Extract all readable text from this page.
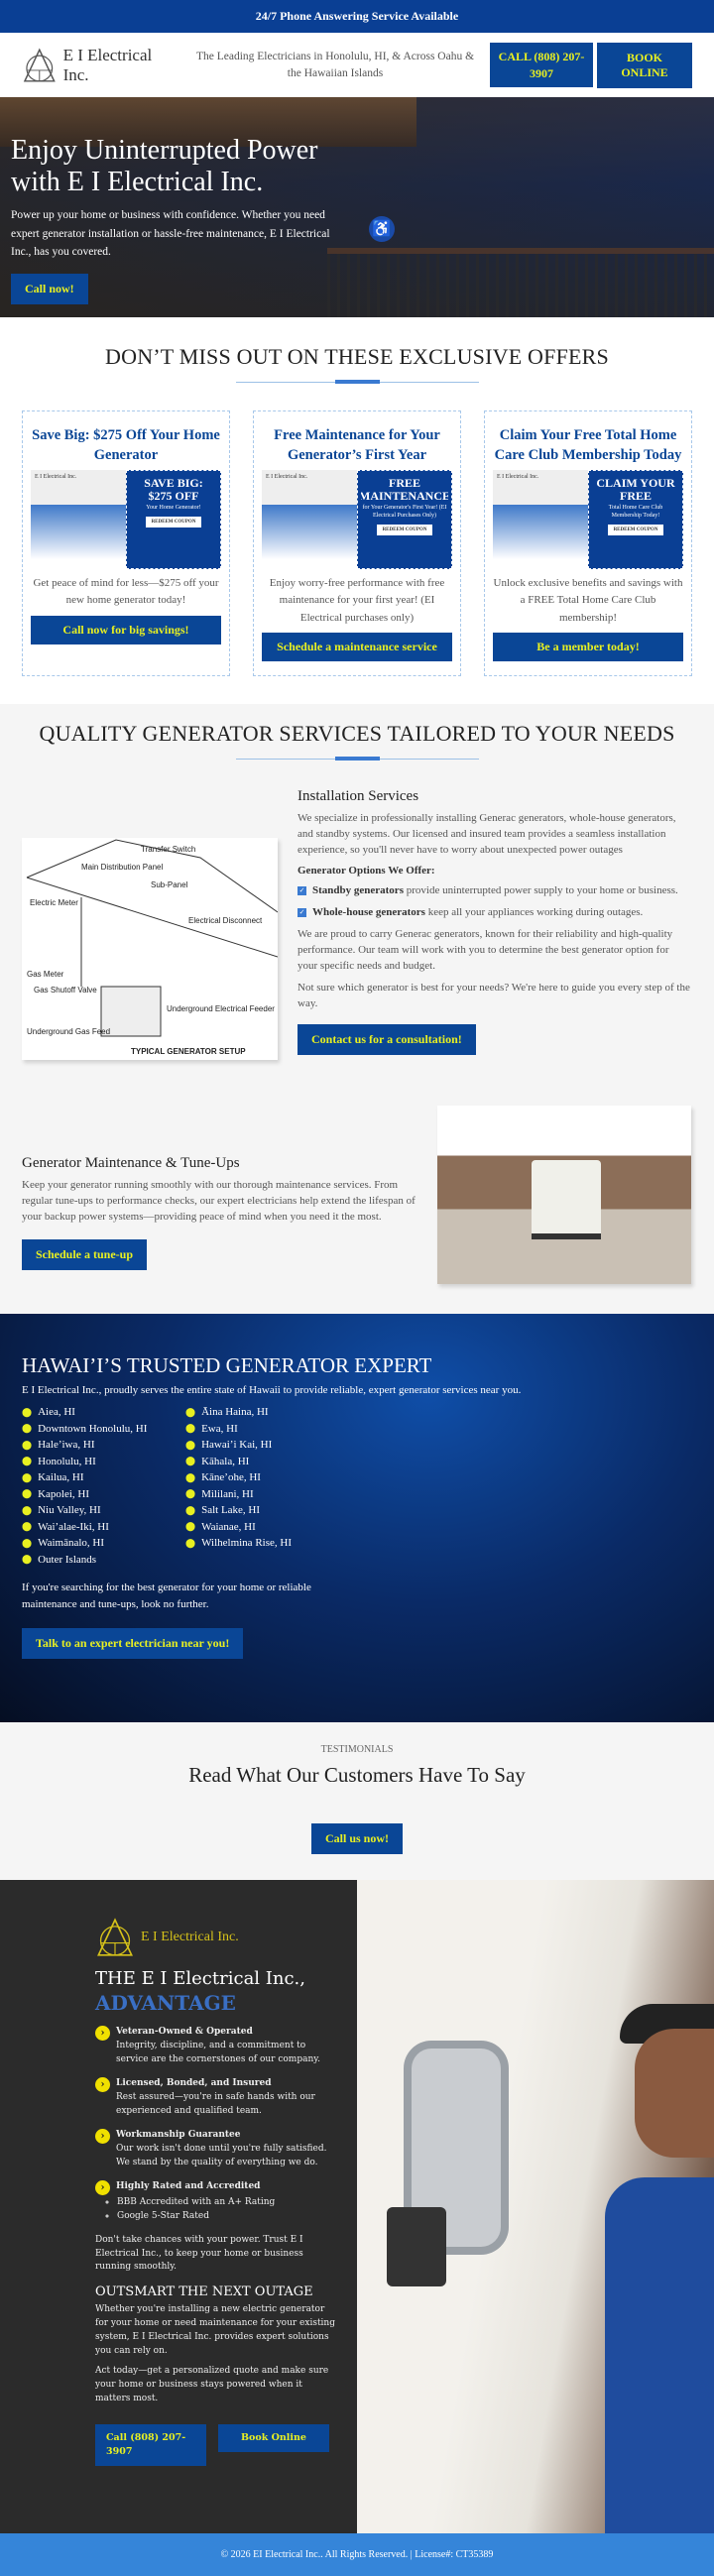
24/7 Phone Answering Service Available
E I Electrical Inc.
The Leading Electricians in Honolulu, HI, & Across Oahu & the Hawaiian Islands
CALL (808) 207-3907
BOOK ONLINE
Enjoy Uninterrupted Power with E I Electrical Inc.

Power up your home or business with confidence. Whether you need expert generator installation or hassle-free maintenance, E I Electrical Inc., has you covered.

Call now!
♿
DON’T MISS OUT ON THESE EXCLUSIVE OFFERS
Save Big: $275 Off Your Home Generator
E I Electrical Inc.	SAVE BIG: $275 OFF
Your Home Generator!
REDEEM COUPON

Get peace of mind for less—$275 off your new home generator today!

Call now for big savings!
Free Maintenance for Your Generator’s First Year
E I Electrical Inc.	FREE MAINTENANCE
for Your Generator's First Year! (EI Electrical Purchases Only)
REDEEM COUPON

Enjoy worry-free performance with free maintenance for your first year! (EI Electrical purchases only)

Schedule a maintenance service
Claim Your Free Total Home Care Club Membership Today
E I Electrical Inc.	CLAIM YOUR FREE
Total Home Care Club Membership Today!
REDEEM COUPON

Unlock exclusive benefits and savings with a FREE Total Home Care Club membership!

Be a member today!
QUALITY GENERATOR SERVICES TAILORED TO YOUR NEEDS
Transfer Switch
Main Distribution Panel
Sub-Panel
Electric Meter
Electrical Disconnect
Gas Meter
Gas Shutoff Valve
Underground Electrical Feeder
Underground Gas Feed
TYPICAL GENERATOR SETUP
Installation Services

We specialize in professionally installing Generac generators, whole-house generators, and standby systems. Our licensed and insured team provides a seamless installation experience, so you'll never have to worry about unexpected power outages

Generator Options We Offer:
✓ Standby generators provide uninterrupted power supply to your home or business.
✓ Whole-house generators keep all your appliances working during outages.

We are proud to carry Generac generators, known for their reliability and high-quality performance. Our team will work with you to determine the best generator option for your specific needs and budget.

Not sure which generator is best for your needs? We're here to guide you every step of the way.

Contact us for a consultation!
Generator Maintenance & Tune-Ups

Keep your generator running smoothly with our thorough maintenance services. From regular tune-ups to performance checks, our expert electricians help extend the lifespan of your backup power systems—providing peace of mind when you need it the most.

Schedule a tune-up
HAWAI’I’S TRUSTED GENERATOR EXPERT

E I Electrical Inc., proudly serves the entire state of Hawaii to provide reliable, expert generator services near you.

⬤ Aiea, HI	⬤ Āina Haina, HI
⬤ Downtown Honolulu, HI	⬤ Ewa, HI
⬤ Hale’iwa, HI	⬤ Hawai’i Kai, HI
⬤ Honolulu, HI	⬤ Kāhala, HI
⬤ Kailua, HI	⬤ Kāne’ohe, HI
⬤ Kapolei, HI	⬤ Mililani, HI
⬤ Niu Valley, HI	⬤ Salt Lake, HI
⬤ Wai’alae-Iki, HI	⬤ Waianae, HI
⬤ Waimānalo, HI	⬤ Wilhelmina Rise, HI
⬤ Outer Islands

If you're searching for the best generator for your home or reliable maintenance and tune-ups, look no further.

Talk to an expert electrician near you!
TESTIMONIALS
Read What Our Customers Have To Say
Call us now!
E I Electrical Inc.
THE E I Electrical Inc.,
ADVANTAGE
›	Veteran-Owned & Operated
Integrity, discipline, and a commitment to service are the cornerstones of our company.
›	Licensed, Bonded, and Insured
Rest assured—you're in safe hands with our experienced and qualified team.
›	Workmanship Guarantee
Our work isn't done until you're fully satisfied. We stand by the quality of everything we do.
›	Highly Rated and Accredited
◦ BBB Accredited with an A+ Rating
◦ Google 5-Star Rated

Don't take chances with your power. Trust E I Electrical Inc., to keep your home or business running smoothly.

OUTSMART THE NEXT OUTAGE

Whether you're installing a new electric generator for your home or need maintenance for your existing system, E I Electrical Inc. provides expert solutions you can rely on.

Act today—get a personalized quote and make sure your home or business stays powered when it matters most.

Call (808) 207-3907
Book Online
© 2026 EI Electrical Inc.. All Rights Reserved. | License#: CT35389
